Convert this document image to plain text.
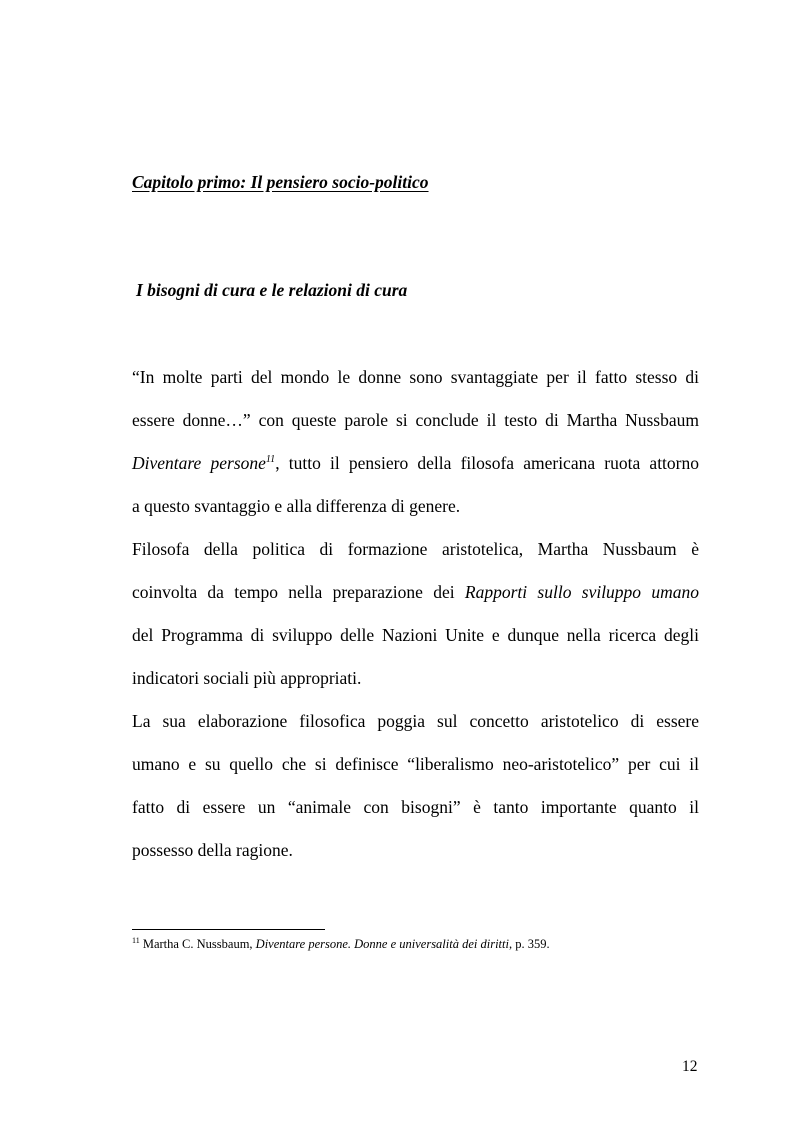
Capitolo primo: Il pensiero socio-politico
I bisogni di cura e le relazioni di cura
“In molte parti del mondo le donne sono svantaggiate per il fatto stesso di
essere donne…” con queste parole si conclude il testo di Martha Nussbaum
Diventare persone$^{11}$, tutto il pensiero della filosofa americana ruota attorno
a questo svantaggio e alla differenza di genere.
Filosofa della politica di formazione aristotelica, Martha Nussbaum è
coinvolta da tempo nella preparazione dei Rapporti sullo sviluppo umano
del Programma di sviluppo delle Nazioni Unite e dunque nella ricerca degli
indicatori sociali più appropriati.
La sua elaborazione filosofica poggia sul concetto aristotelico di essere
umano e su quello che si definisce “liberalismo neo-aristotelico” per cui il
fatto di essere un “animale con bisogni” è tanto importante quanto il
possesso della ragione.
$^{11}$ Martha C. Nussbaum, Diventare persone. Donne e universalità dei diritti, p. 359.
12
